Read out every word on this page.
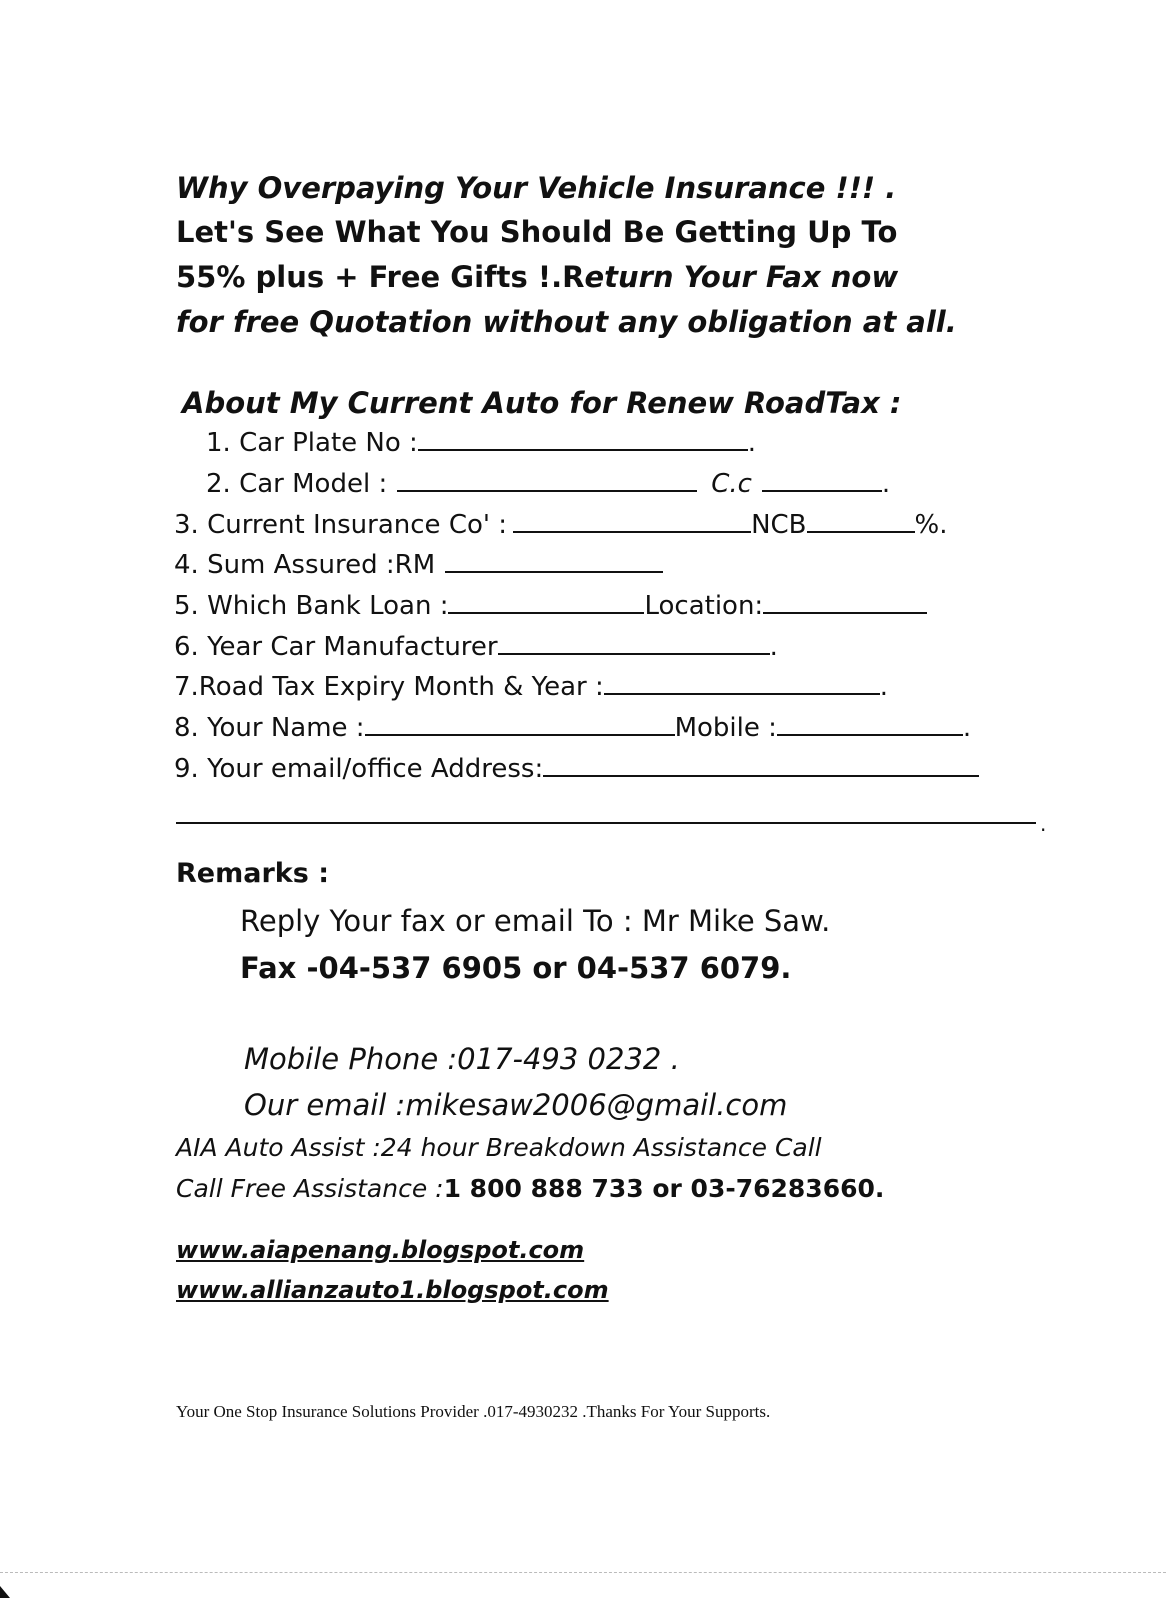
Why Overpaying Your Vehicle Insurance !!! .
Let's See What You Should Be Getting Up To
55% plus + Free Gifts !.Return Your Fax now
for free Quotation without any obligation at all.
About My Current Auto for Renew RoadTax :
1. Car Plate No :	.
2. Car Model :	C.c	.
3. Current Insurance Co' :	NCB	%.
4. Sum Assured :RM
5. Which Bank Loan :	Location:
6. Year Car Manufacturer	.
7.Road Tax Expiry Month & Year :	.
8. Your Name :	Mobile :	.
9. Your email/office Address:
.
Remarks :
Reply Your fax or email To : Mr Mike Saw.
Fax -04-537 6905 or 04-537 6079.
Mobile Phone :017-493 0232 .
Our email :mikesaw2006@gmail.com
AIA Auto Assist :24 hour Breakdown Assistance Call
Call Free Assistance :1 800 888 733 or 03-76283660.
www.aiapenang.blogspot.com
www.allianzauto1.blogspot.com
Your One Stop Insurance Solutions Provider .017-4930232 .Thanks For Your Supports.
